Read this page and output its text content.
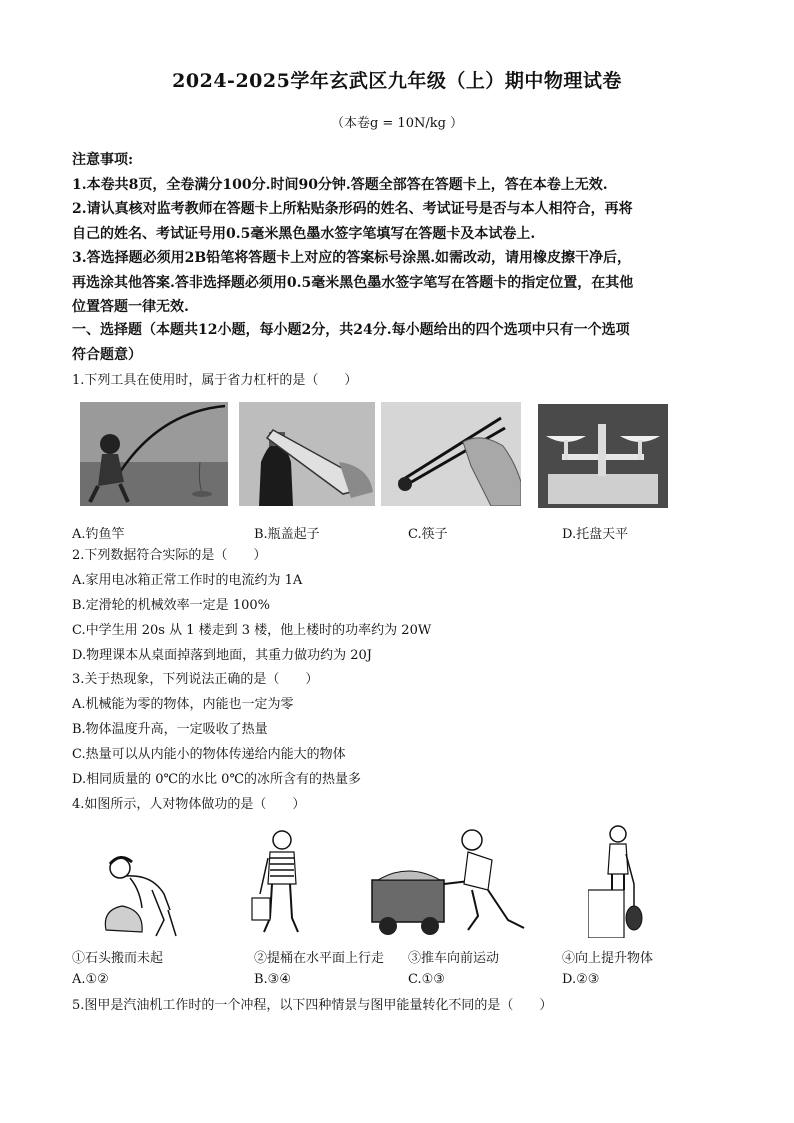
2024-2025学年玄武区九年级（上）期中物理试卷
（本卷g = 10N/kg ）
注意事项:
1.本卷共8页，全卷满分100分.时间90分钟.答题全部答在答题卡上，答在本卷上无效.
2.请认真核对监考教师在答题卡上所粘贴条形码的姓名、考试证号是否与本人相符合，再将
自己的姓名、考试证号用0.5毫米黑色墨水签字笔填写在答题卡及本试卷上.
3.答选择题必须用2B铅笔将答题卡上对应的答案标号涂黑.如需改动，请用橡皮擦干净后，
再选涂其他答案.答非选择题必须用0.5毫米黑色墨水签字笔写在答题卡的指定位置，在其他
位置答题一律无效.
一、选择题（本题共12小题，每小题2分，共24分.每小题给出的四个选项中只有一个选项
符合题意）
1.下列工具在使用时，属于省力杠杆的是（　　）
A.钓鱼竿	B.瓶盖起子	C.筷子	D.托盘天平
2.下列数据符合实际的是（　　）
A.家用电冰箱正常工作时的电流约为 1A
B.定滑轮的机械效率一定是 100%
C.中学生用 20s 从 1 楼走到 3 楼，他上楼时的功率约为 20W
D.物理课本从桌面掉落到地面，其重力做功约为 20J
3.关于热现象，下列说法正确的是（　　）
A.机械能为零的物体，内能也一定为零
B.物体温度升高，一定吸收了热量
C.热量可以从内能小的物体传递给内能大的物体
D.相同质量的 0℃的水比 0℃的冰所含有的热量多
4.如图所示，人对物体做功的是（　　）
①石头搬而未起	②提桶在水平面上行走 ③推车向前运动	④向上提升物体
A.①②	B.③④	C.①③	D.②③
5.图甲是汽油机工作时的一个冲程，以下四种情景与图甲能量转化不同的是（　　）
